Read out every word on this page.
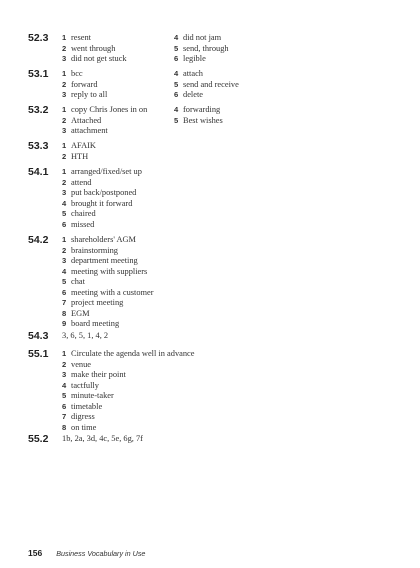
52.3 1 resent
2 went through
3 did not get stuck
4 did not jam
5 send, through
6 legible
53.1 1 bcc
2 forward
3 reply to all
4 attach
5 send and receive
6 delete
53.2 1 copy Chris Jones in on
2 Attached
3 attachment
4 forwarding
5 Best wishes
53.3 1 AFAIK
2 HTH
54.1 1 arranged/fixed/set up
2 attend
3 put back/postponed
4 brought it forward
5 chaired
6 missed
54.2 1 shareholders' AGM
2 brainstorming
3 department meeting
4 meeting with suppliers
5 chat
6 meeting with a customer
7 project meeting
8 EGM
9 board meeting
54.3 3, 6, 5, 1, 4, 2
55.1 1 Circulate the agenda well in advance
2 venue
3 make their point
4 tactfully
5 minute-taker
6 timetable
7 digress
8 on time
55.2 1b, 2a, 3d, 4c, 5e, 6g, 7f
156 Business Vocabulary in Use
